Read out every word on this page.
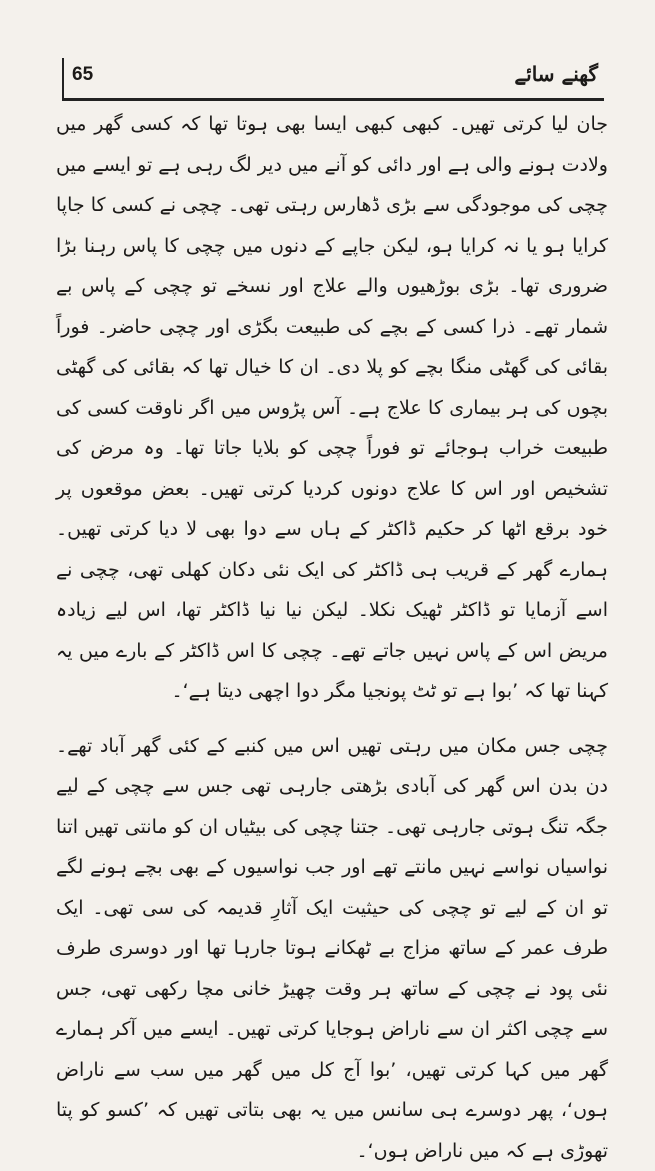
65	گھنے سائے

جان لیا کرتی تھیں۔ کبھی کبھی ایسا بھی ہوتا تھا کہ کسی گھر میں ولادت ہونے والی ہے اور دائی کو آنے میں دیر لگ رہی ہے تو ایسے میں چچی کی موجودگی سے بڑی ڈھارس رہتی تھی۔ چچی نے کسی کا جاپا کرایا ہو یا نہ کرایا ہو، لیکن جاپے کے دنوں میں چچی کا پاس رہنا بڑا ضروری تھا۔ بڑی بوڑھیوں والے علاج اور نسخے تو چچی کے پاس بے شمار تھے۔ ذرا کسی کے بچے کی طبیعت بگڑی اور چچی حاضر۔ فوراً بقائی کی گھٹی منگا بچے کو پلا دی۔ ان کا خیال تھا کہ بقائی کی گھٹی بچوں کی ہر بیماری کا علاج ہے۔ آس پڑوس میں اگر ناوقت کسی کی طبیعت خراب ہوجائے تو فوراً چچی کو بلایا جاتا تھا۔ وہ مرض کی تشخیص اور اس کا علاج دونوں کردیا کرتی تھیں۔ بعض موقعوں پر خود برقع اٹھا کر حکیم ڈاکٹر کے ہاں سے دوا بھی لا دیا کرتی تھیں۔ ہمارے گھر کے قریب ہی ڈاکٹر کی ایک نئی دکان کھلی تھی، چچی نے اسے آزمایا تو ڈاکٹر ٹھیک نکلا۔ لیکن نیا نیا ڈاکٹر تھا، اس لیے زیادہ مریض اس کے پاس نہیں جاتے تھے۔ چچی کا اس ڈاکٹر کے بارے میں یہ کہنا تھا کہ ’بوا ہے تو ٹٹ پونجیا مگر دوا اچھی دیتا ہے‘۔

چچی جس مکان میں رہتی تھیں اس میں کنبے کے کئی گھر آباد تھے۔ دن بدن اس گھر کی آبادی بڑھتی جارہی تھی جس سے چچی کے لیے جگہ تنگ ہوتی جارہی تھی۔ جتنا چچی کی بیٹیاں ان کو مانتی تھیں اتنا نواسیاں نواسے نہیں مانتے تھے اور جب نواسیوں کے بھی بچے ہونے لگے تو ان کے لیے تو چچی کی حیثیت ایک آثارِ قدیمہ کی سی تھی۔ ایک طرف عمر کے ساتھ مزاج بے ٹھکانے ہوتا جارہا تھا اور دوسری طرف نئی پود نے چچی کے ساتھ ہر وقت چھیڑ خانی مچا رکھی تھی، جس سے چچی اکثر ان سے ناراض ہوجایا کرتی تھیں۔ ایسے میں آکر ہمارے گھر میں کہا کرتی تھیں، ’بوا آج کل میں گھر میں سب سے ناراض ہوں‘، پھر دوسرے ہی سانس میں یہ بھی بتاتی تھیں کہ ’کسو کو پتا تھوڑی ہے کہ میں ناراض ہوں‘۔
